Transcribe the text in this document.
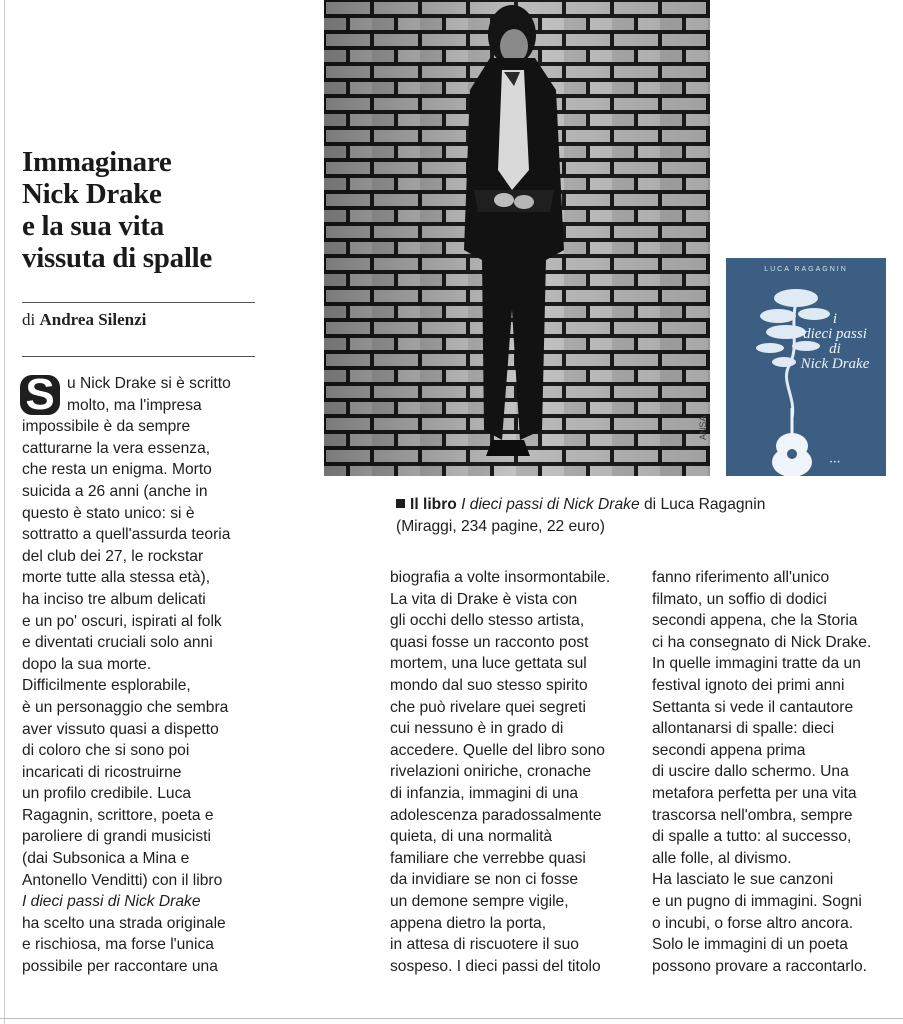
Immaginare
Nick Drake
e la sua vita
vissuta di spalle
di Andrea Silenzi
S u Nick Drake si è scritto
molto, ma l'impresa
impossibile è da sempre
catturarne la vera essenza,
che resta un enigma. Morto
suicida a 26 anni (anche in
questo è stato unico: si è
sottratto a quell'assurda teoria
del club dei 27, le rockstar
morte tutte alla stessa età),
ha inciso tre album delicati
e un po' oscuri, ispirati al folk
e diventati cruciali solo anni
dopo la sua morte.
Difficilmente esplorabile,
è un personaggio che sembra
aver vissuto quasi a dispetto
di coloro che si sono poi
incaricati di ricostruirne
un profilo credibile. Luca
Ragagnin, scrittore, poeta e
paroliere di grandi musicisti
(dai Subsonica a Mina e
Antonello Venditti) con il libro
I dieci passi di Nick Drake
ha scelto una strada originale
e rischiosa, ma forse l'unica
possibile per raccontare una
ANSA
LUCA RAGAGNIN
• • •
i
dieci passi
di
Nick Drake
Il libro I dieci passi di Nick Drake di Luca Ragagnin
(Miraggi, 234 pagine, 22 euro)
biografia a volte insormontabile.
La vita di Drake è vista con
gli occhi dello stesso artista,
quasi fosse un racconto post
mortem, una luce gettata sul
mondo dal suo stesso spirito
che può rivelare quei segreti
cui nessuno è in grado di
accedere. Quelle del libro sono
rivelazioni oniriche, cronache
di infanzia, immagini di una
adolescenza paradossalmente
quieta, di una normalità
familiare che verrebbe quasi
da invidiare se non ci fosse
un demone sempre vigile,
appena dietro la porta,
in attesa di riscuotere il suo
sospeso. I dieci passi del titolo
fanno riferimento all'unico
filmato, un soffio di dodici
secondi appena, che la Storia
ci ha consegnato di Nick Drake.
In quelle immagini tratte da un
festival ignoto dei primi anni
Settanta si vede il cantautore
allontanarsi di spalle: dieci
secondi appena prima
di uscire dallo schermo. Una
metafora perfetta per una vita
trascorsa nell'ombra, sempre
di spalle a tutto: al successo,
alle folle, al divismo.
Ha lasciato le sue canzoni
e un pugno di immagini. Sogni
o incubi, o forse altro ancora.
Solo le immagini di un poeta
possono provare a raccontarlo.
